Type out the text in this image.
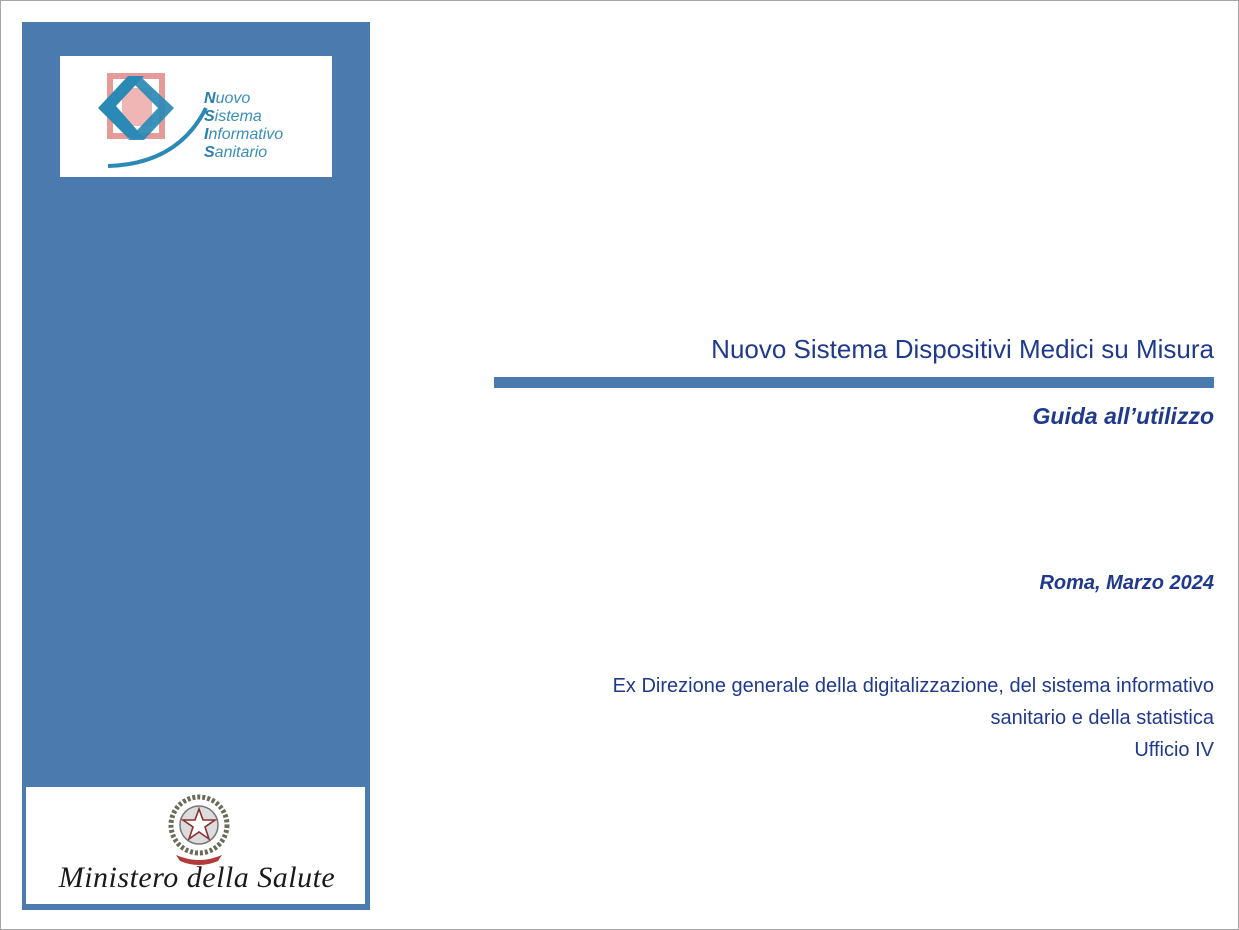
Nuovo
Sistema
Informativo
Sanitario
Ministero della Salute
Nuovo Sistema Dispositivi Medici su Misura
Guida all’utilizzo
Roma, Marzo 2024
Ex Direzione generale della digitalizzazione, del sistema informativo
sanitario e della statistica
Ufficio IV
